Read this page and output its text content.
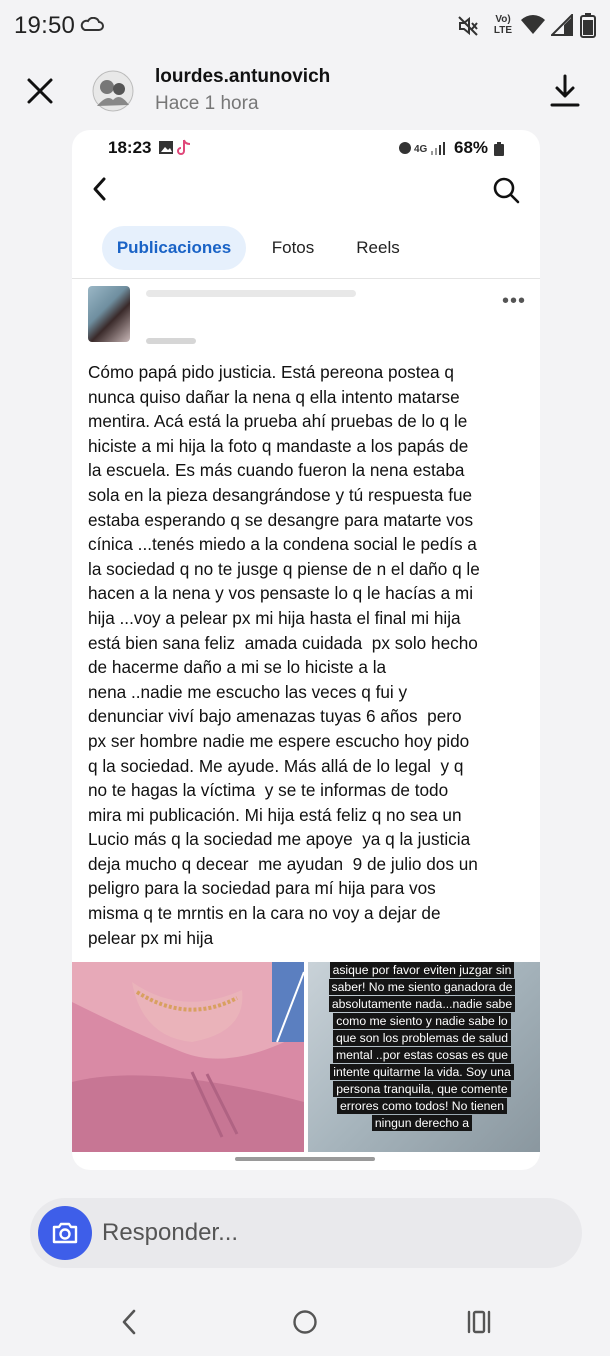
19:50	Vo)
LTE
lourdes.antunovich
Hace 1 hora
18:23	4G 68%
Publicaciones	Fotos	Reels
•••
Cómo papá pido justicia. Está pereona postea q
nunca quiso dañar la nena q ella intento matarse
mentira. Acá está la prueba ahí pruebas de lo q le
hiciste a mi hija la foto q mandaste a los papás de
la escuela. Es más cuando fueron la nena estaba
sola en la pieza desangrándose y tú respuesta fue
estaba esperando q se desangre para matarte vos
cínica ...tenés miedo a la condena social le pedís a
la sociedad q no te jusge q piense de n el daño q le
hacen a la nena y vos pensaste lo q le hacías a mi
hija ...voy a pelear px mi hija hasta el final mi hija
está bien sana feliz  amada cuidada  px solo hecho
de hacerme daño a mi se lo hiciste a la
nena ..nadie me escucho las veces q fui y
denunciar viví bajo amenazas tuyas 6 años  pero
px ser hombre nadie me espere escucho hoy pido
q la sociedad. Me ayude. Más allá de lo legal  y q
no te hagas la víctima  y se te informas de todo
mira mi publicación. Mi hija está feliz q no sea un
Lucio más q la sociedad me apoye  ya q la justicia
deja mucho q decear  me ayudan  9 de julio dos un
peligro para la sociedad para mí hija para vos
misma q te mrntis en la cara no voy a dejar de
pelear px mi hija
asique por favor eviten juzgar sin saber! No me siento ganadora de absolutamente nada...nadie sabe como me siento y nadie sabe lo que son los problemas de salud mental ..por estas cosas es que intente quitarme la vida. Soy una persona tranquila, que comente errores como todos! No tienen ningun derecho a
Responder...
